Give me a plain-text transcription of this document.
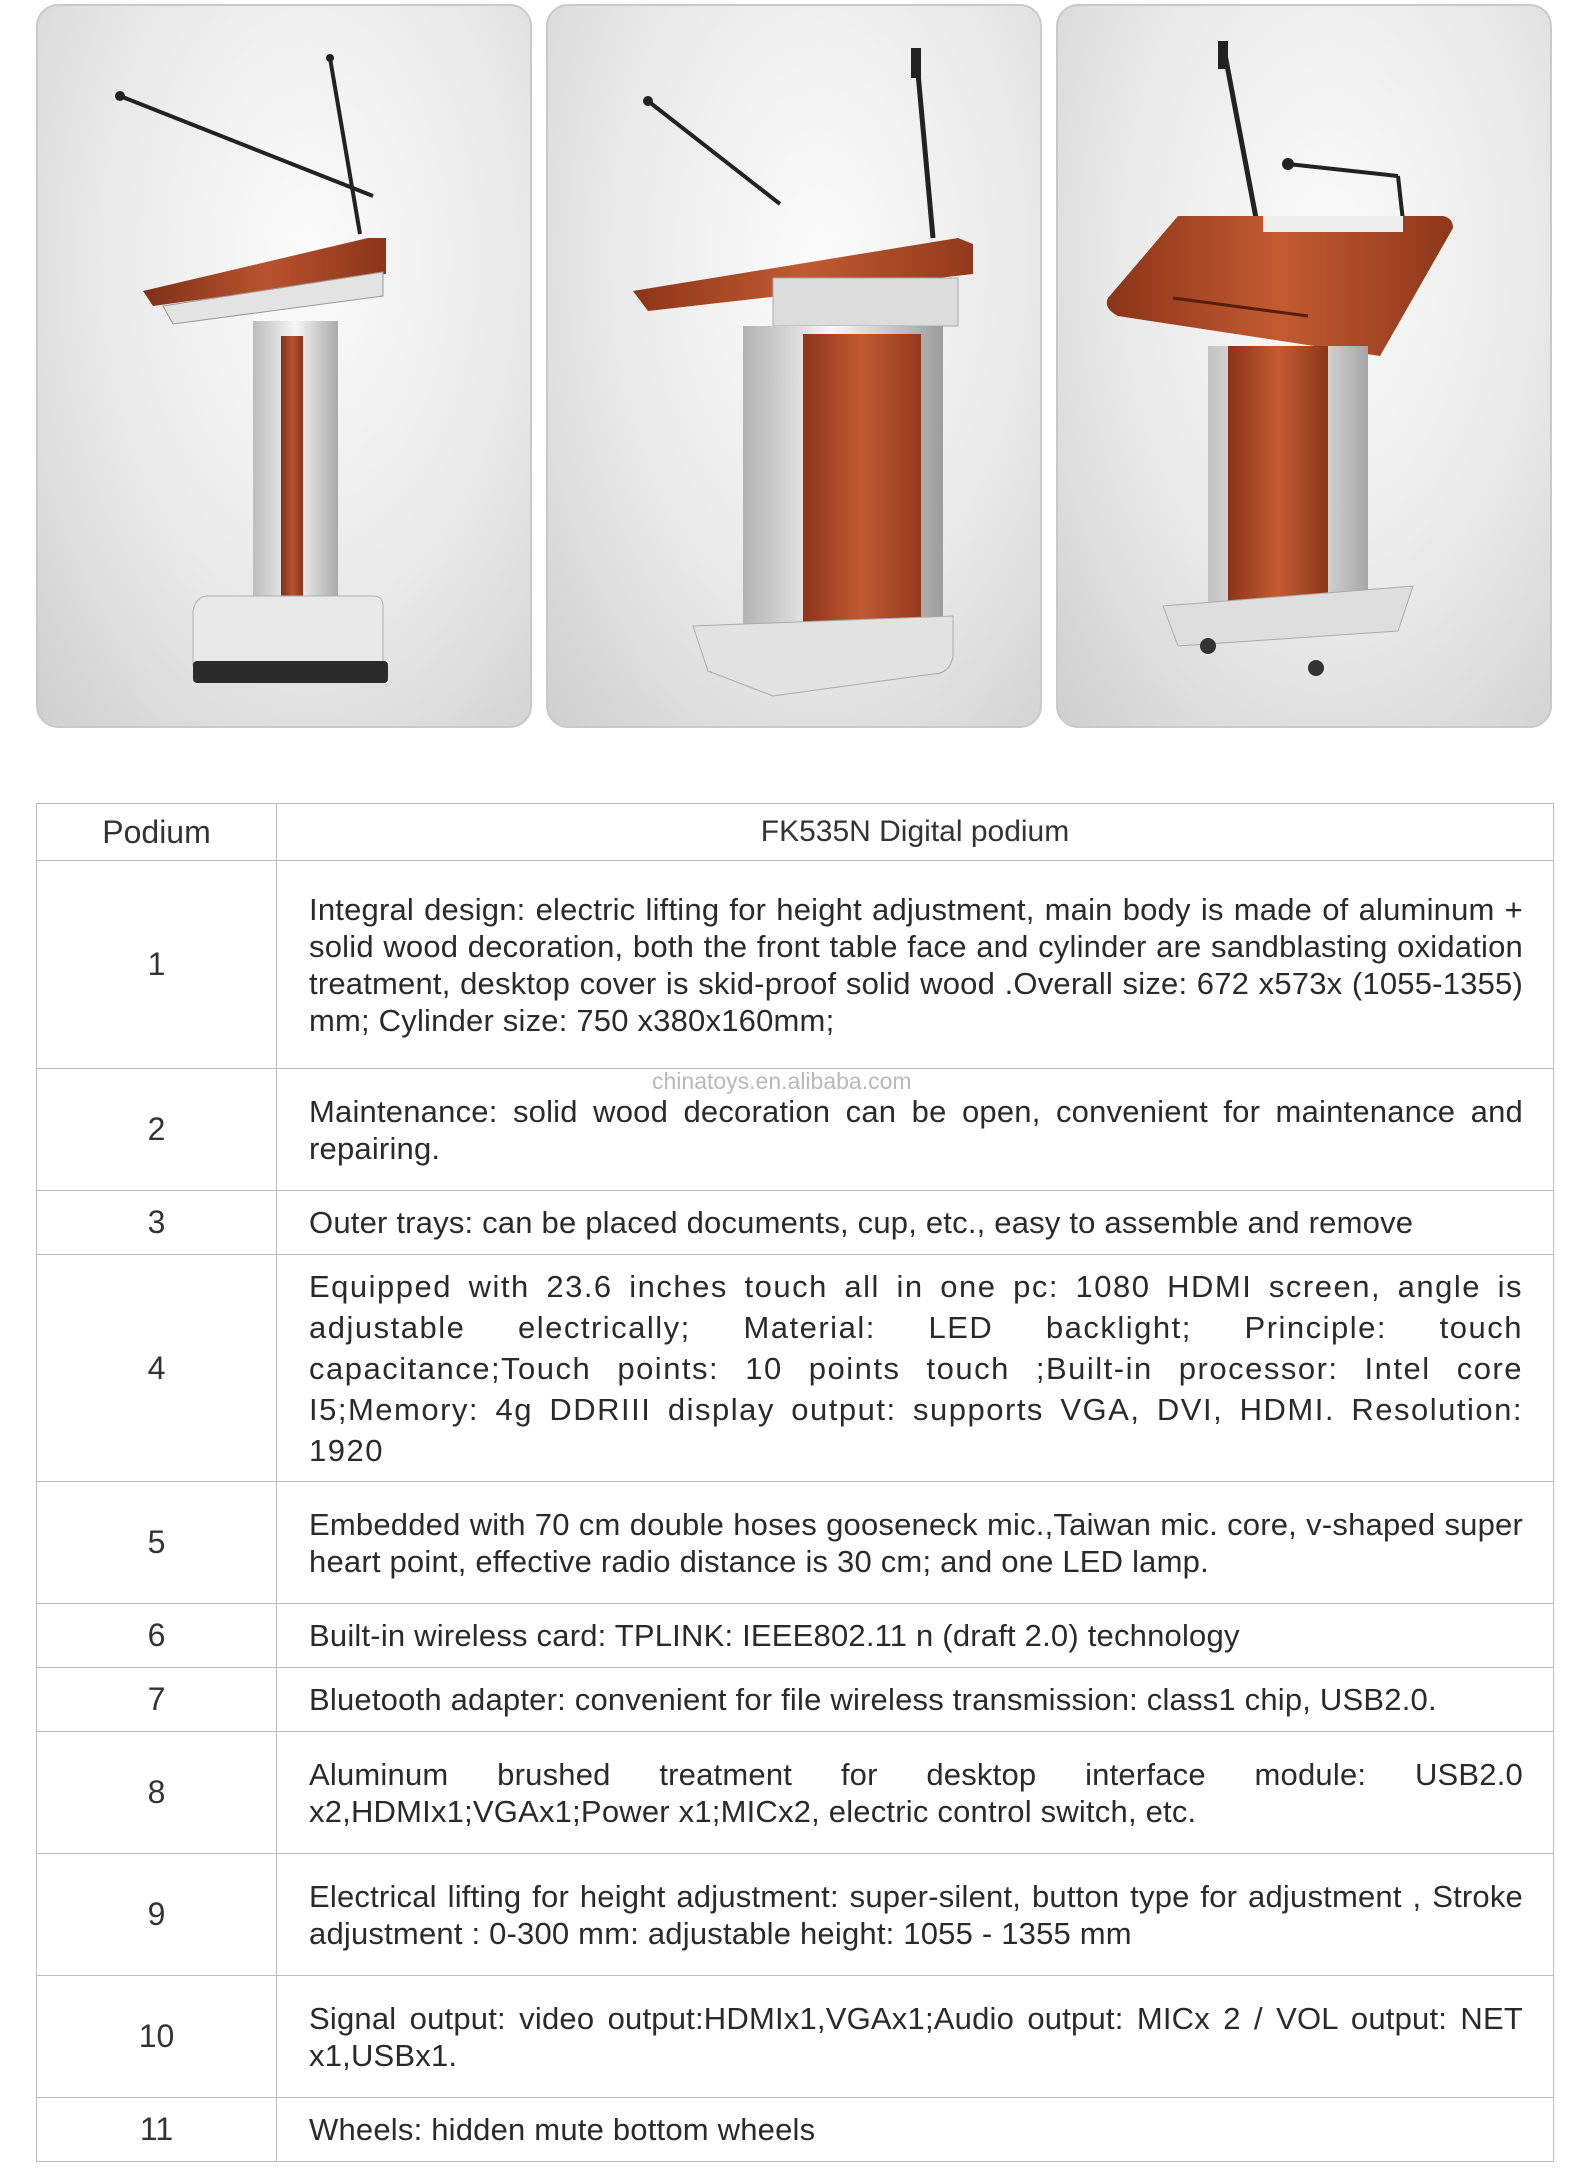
Podium	FK535N Digital podium
1	Integral design: electric lifting for height adjustment, main body is made of aluminum + solid wood decoration, both the front table face and cylinder are sandblasting oxidation treatment, desktop cover is skid-proof solid wood .Overall size: 672 x573x (1055-1355) mm; Cylinder size: 750 x380x160mm;
2	Maintenance: solid wood decoration can be open, convenient for maintenance and repairing.
3	Outer trays: can be placed documents, cup, etc., easy to assemble and remove
4	Equipped with 23.6 inches touch all in one pc: 1080 HDMI screen, angle is adjustable electrically; Material: LED backlight; Principle: touch capacitance;Touch points: 10 points touch ;Built-in processor: Intel core I5;Memory: 4g DDRIII display output: supports VGA, DVI, HDMI. Resolution: 1920
5	Embedded with 70 cm double hoses gooseneck mic.,Taiwan mic. core, v-shaped super heart point, effective radio distance is 30 cm; and one LED lamp.
6	Built-in wireless card: TPLINK: IEEE802.11 n (draft 2.0) technology
7	Bluetooth adapter: convenient for file wireless transmission: class1 chip, USB2.0.
8	Aluminum brushed treatment for desktop interface module: USB2.0 x2,HDMIx1;VGAx1;Power x1;MICx2, electric control switch, etc.
9	Electrical lifting for height adjustment: super-silent, button type for adjustment , Stroke adjustment : 0-300 mm: adjustable height: 1055 - 1355 mm
10	Signal output: video output:HDMIx1,VGAx1;Audio output: MICx 2 / VOL output: NET x1,USBx1.
11	Wheels: hidden mute bottom wheels
chinatoys.en.alibaba.com
